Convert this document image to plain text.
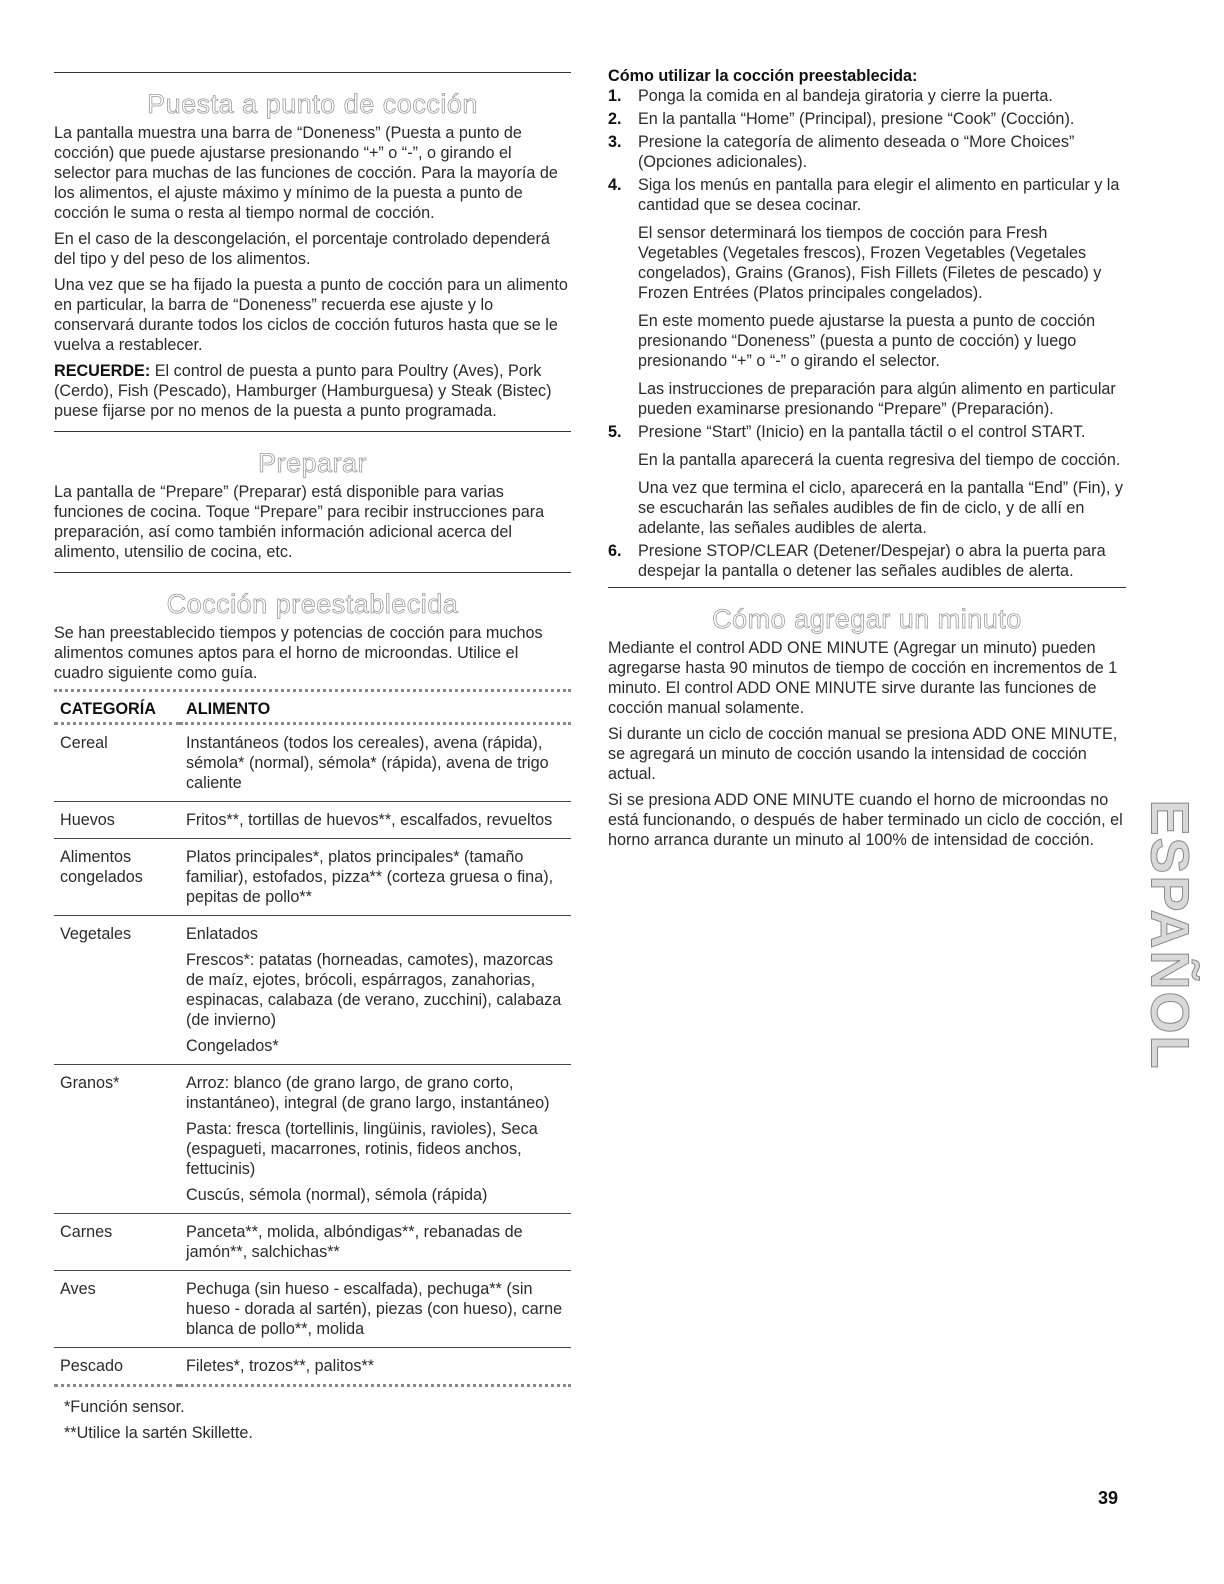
Puesta a punto de cocción

La pantalla muestra una barra de “Doneness” (Puesta a punto de cocción) que puede ajustarse presionando “+” o “-”, o girando el selector para muchas de las funciones de cocción. Para la mayoría de los alimentos, el ajuste máximo y mínimo de la puesta a punto de cocción le suma o resta al tiempo normal de cocción.

En el caso de la descongelación, el porcentaje controlado dependerá del tipo y del peso de los alimentos.

Una vez que se ha fijado la puesta a punto de cocción para un alimento en particular, la barra de “Doneness” recuerda ese ajuste y lo conservará durante todos los ciclos de cocción futuros hasta que se le vuelva a restablecer.

RECUERDE: El control de puesta a punto para Poultry (Aves), Pork (Cerdo), Fish (Pescado), Hamburger (Hamburguesa) y Steak (Bistec) puese fijarse por no menos de la puesta a punto programada.

Preparar

La pantalla de “Prepare” (Preparar) está disponible para varias funciones de cocina. Toque “Prepare” para recibir instrucciones para preparación, así como también información adicional acerca del alimento, utensilio de cocina, etc.

Cocción preestablecida

Se han preestablecido tiempos y potencias de cocción para muchos alimentos comunes aptos para el horno de microondas. Utilice el cuadro siguiente como guía.

CATEGORÍA	ALIMENTO
Cereal	Instantáneos (todos los cereales), avena (rápida), sémola* (normal), sémola* (rápida), avena de trigo caliente

Huevos	Fritos**, tortillas de huevos**, escalfados, revueltos

Alimentos congelados	Platos principales*, platos principales* (tamaño familiar), estofados, pizza** (corteza gruesa o fina), pepitas de pollo**

Vegetales	Enlatados

Frescos*: patatas (horneadas, camotes), mazorcas de maíz, ejotes, brócoli, espárragos, zanahorias, espinacas, calabaza (de verano, zucchini), calabaza (de invierno)

Congelados*

Granos*	Arroz: blanco (de grano largo, de grano corto, instantáneo), integral (de grano largo, instantáneo)

Pasta: fresca (tortellinis, lingüinis, ravioles), Seca (espagueti, macarrones, rotinis, fideos anchos, fettucinis)

Cuscús, sémola (normal), sémola (rápida)

Carnes	Panceta**, molida, albóndigas**, rebanadas de jamón**, salchichas**

Aves	Pechuga (sin hueso - escalfada), pechuga** (sin hueso - dorada al sartén), piezas (con hueso), carne blanca de pollo**, molida

Pescado	Filetes*, trozos**, palitos**

*Función sensor.

**Utilice la sartén Skillette.

Cómo utilizar la cocción preestablecida:
1. Ponga la comida en al bandeja giratoria y cierre la puerta.

2. En la pantalla “Home” (Principal), presione “Cook” (Cocción).

3. Presione la categoría de alimento deseada o “More Choices” (Opciones adicionales).

4. Siga los menús en pantalla para elegir el alimento en particular y la cantidad que se desea cocinar.

El sensor determinará los tiempos de cocción para Fresh Vegetables (Vegetales frescos), Frozen Vegetables (Vegetales congelados), Grains (Granos), Fish Fillets (Filetes de pescado) y Frozen Entrées (Platos principales congelados).

En este momento puede ajustarse la puesta a punto de cocción presionando “Doneness” (puesta a punto de cocción) y luego presionando “+” o “-” o girando el selector.

Las instrucciones de preparación para algún alimento en particular pueden examinarse presionando “Prepare” (Preparación).

5. Presione “Start” (Inicio) en la pantalla táctil o el control START.

En la pantalla aparecerá la cuenta regresiva del tiempo de cocción.

Una vez que termina el ciclo, aparecerá en la pantalla “End” (Fin), y se escucharán las señales audibles de fin de ciclo, y de allí en adelante, las señales audibles de alerta.

6. Presione STOP/CLEAR (Detener/Despejar) o abra la puerta para despejar la pantalla o detener las señales audibles de alerta.

Cómo agregar un minuto

Mediante el control ADD ONE MINUTE (Agregar un minuto) pueden agregarse hasta 90 minutos de tiempo de cocción en incrementos de 1 minuto. El control ADD ONE MINUTE sirve durante las funciones de cocción manual solamente.

Si durante un ciclo de cocción manual se presiona ADD ONE MINUTE, se agregará un minuto de cocción usando la intensidad de cocción actual.

Si se presiona ADD ONE MINUTE cuando el horno de microondas no está funcionando, o después de haber terminado un ciclo de cocción, el horno arranca durante un minuto al 100% de intensidad de cocción. ESPAÑOL
39
